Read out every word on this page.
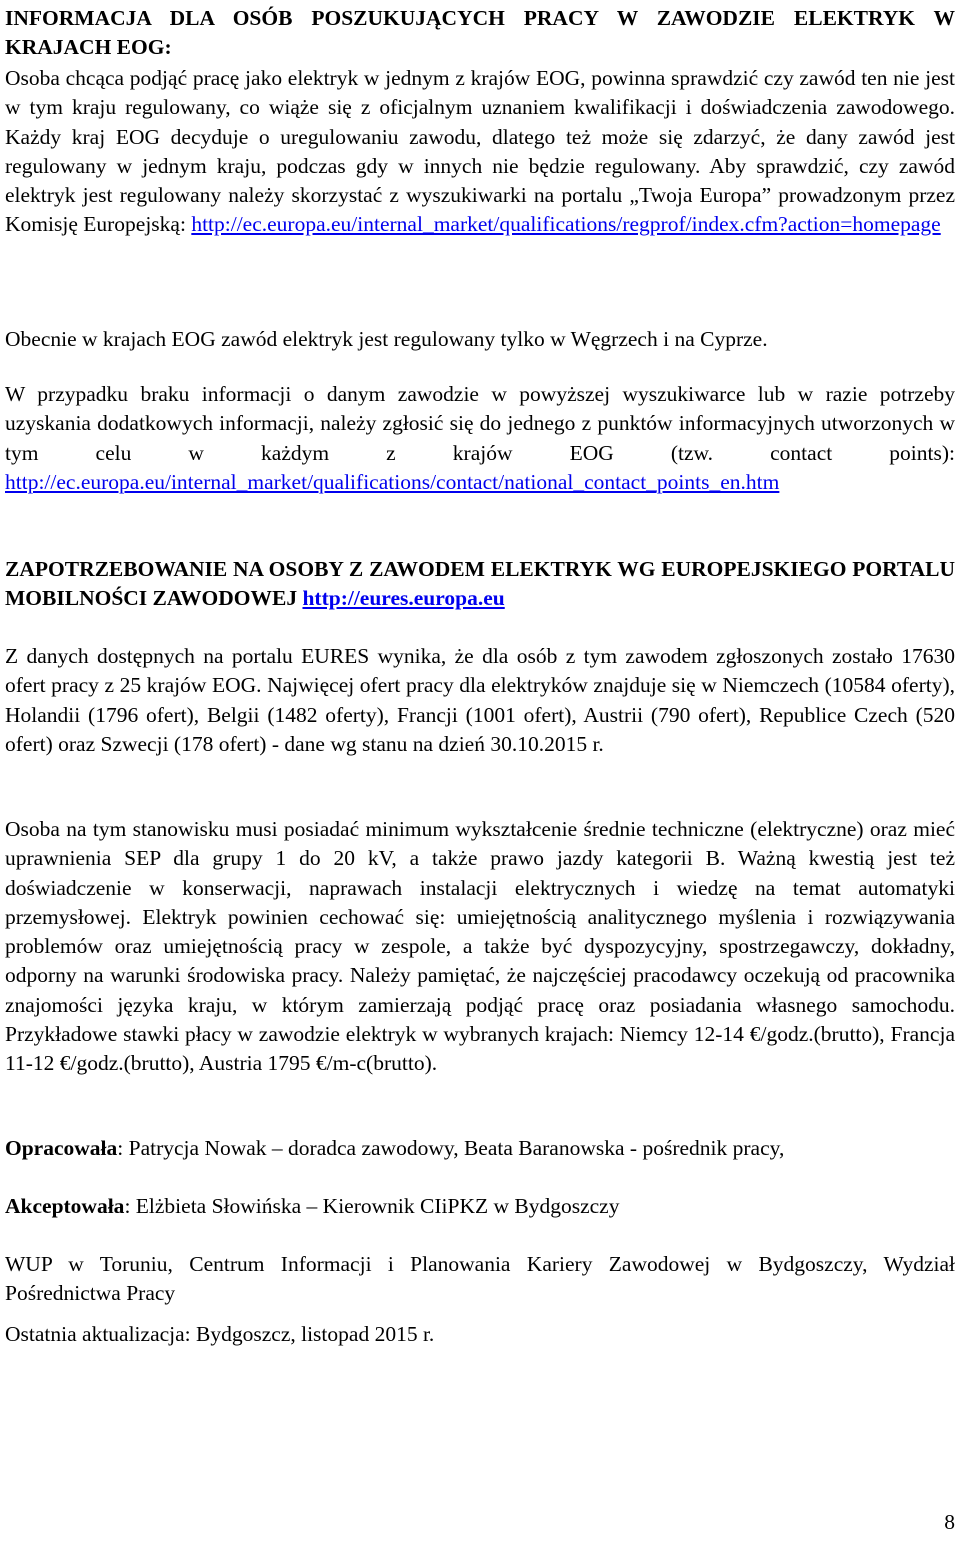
INFORMACJA DLA OSÓB POSZUKUJĄCYCH PRACY W ZAWODZIE ELEKTRYK W KRAJACH EOG:

Osoba chcąca podjąć pracę jako elektryk w jednym z krajów EOG, powinna sprawdzić czy zawód ten nie jest w tym kraju regulowany, co wiąże się z oficjalnym uznaniem kwalifikacji i doświadczenia zawodowego. Każdy kraj EOG decyduje o uregulowaniu zawodu, dlatego też może się zdarzyć, że dany zawód jest regulowany w jednym kraju, podczas gdy w innych nie będzie regulowany. Aby sprawdzić, czy zawód elektryk jest regulowany należy skorzystać z wyszukiwarki na portalu „Twoja Europa” prowadzonym przez Komisję Europejską: http://ec.europa.eu/internal_market/qualifications/regprof/index.cfm?action=homepage

Obecnie w krajach EOG zawód elektryk jest regulowany tylko w Węgrzech i na Cyprze.

W przypadku braku informacji o danym zawodzie w powyższej wyszukiwarce lub w razie potrzeby uzyskania dodatkowych informacji, należy zgłosić się do jednego z punktów informacyjnych utworzonych w tym celu w każdym z krajów EOG (tzw. contact points): http://ec.europa.eu/internal_market/qualifications/contact/national_contact_points_en.htm

ZAPOTRZEBOWANIE NA OSOBY Z ZAWODEM ELEKTRYK WG EUROPEJSKIEGO PORTALU MOBILNOŚCI ZAWODOWEJ http://eures.europa.eu

Z danych dostępnych na portalu EURES wynika, że dla osób z tym zawodem zgłoszonych zostało 17630 ofert pracy z 25 krajów EOG. Najwięcej ofert pracy dla elektryków znajduje się w Niemczech (10584 oferty), Holandii (1796 ofert), Belgii (1482 oferty), Francji (1001 ofert), Austrii (790 ofert), Republice Czech (520 ofert) oraz Szwecji (178 ofert) - dane wg stanu na dzień 30.10.2015 r.

Osoba na tym stanowisku musi posiadać minimum wykształcenie średnie techniczne (elektryczne) oraz mieć uprawnienia SEP dla grupy 1 do 20 kV, a także prawo jazdy kategorii B. Ważną kwestią jest też doświadczenie w konserwacji, naprawach instalacji elektrycznych i wiedzę na temat automatyki przemysłowej. Elektryk powinien cechować się: umiejętnością analitycznego myślenia i rozwiązywania problemów oraz umiejętnością pracy w zespole, a także być dyspozycyjny, spostrzegawczy, dokładny, odporny na warunki środowiska pracy. Należy pamiętać, że najczęściej pracodawcy oczekują od pracownika znajomości języka kraju, w którym zamierzają podjąć pracę oraz posiadania własnego samochodu. Przykładowe stawki płacy w zawodzie elektryk w wybranych krajach: Niemcy 12-14 €/godz.(brutto), Francja 11-12 €/godz.(brutto), Austria 1795 €/m-c(brutto).

Opracowała: Patrycja Nowak – doradca zawodowy, Beata Baranowska - pośrednik pracy,

Akceptowała: Elżbieta Słowińska – Kierownik CIiPKZ w Bydgoszczy

WUP w Toruniu, Centrum Informacji i Planowania Kariery Zawodowej w Bydgoszczy, Wydział Pośrednictwa Pracy

Ostatnia aktualizacja: Bydgoszcz, listopad 2015 r.

8
